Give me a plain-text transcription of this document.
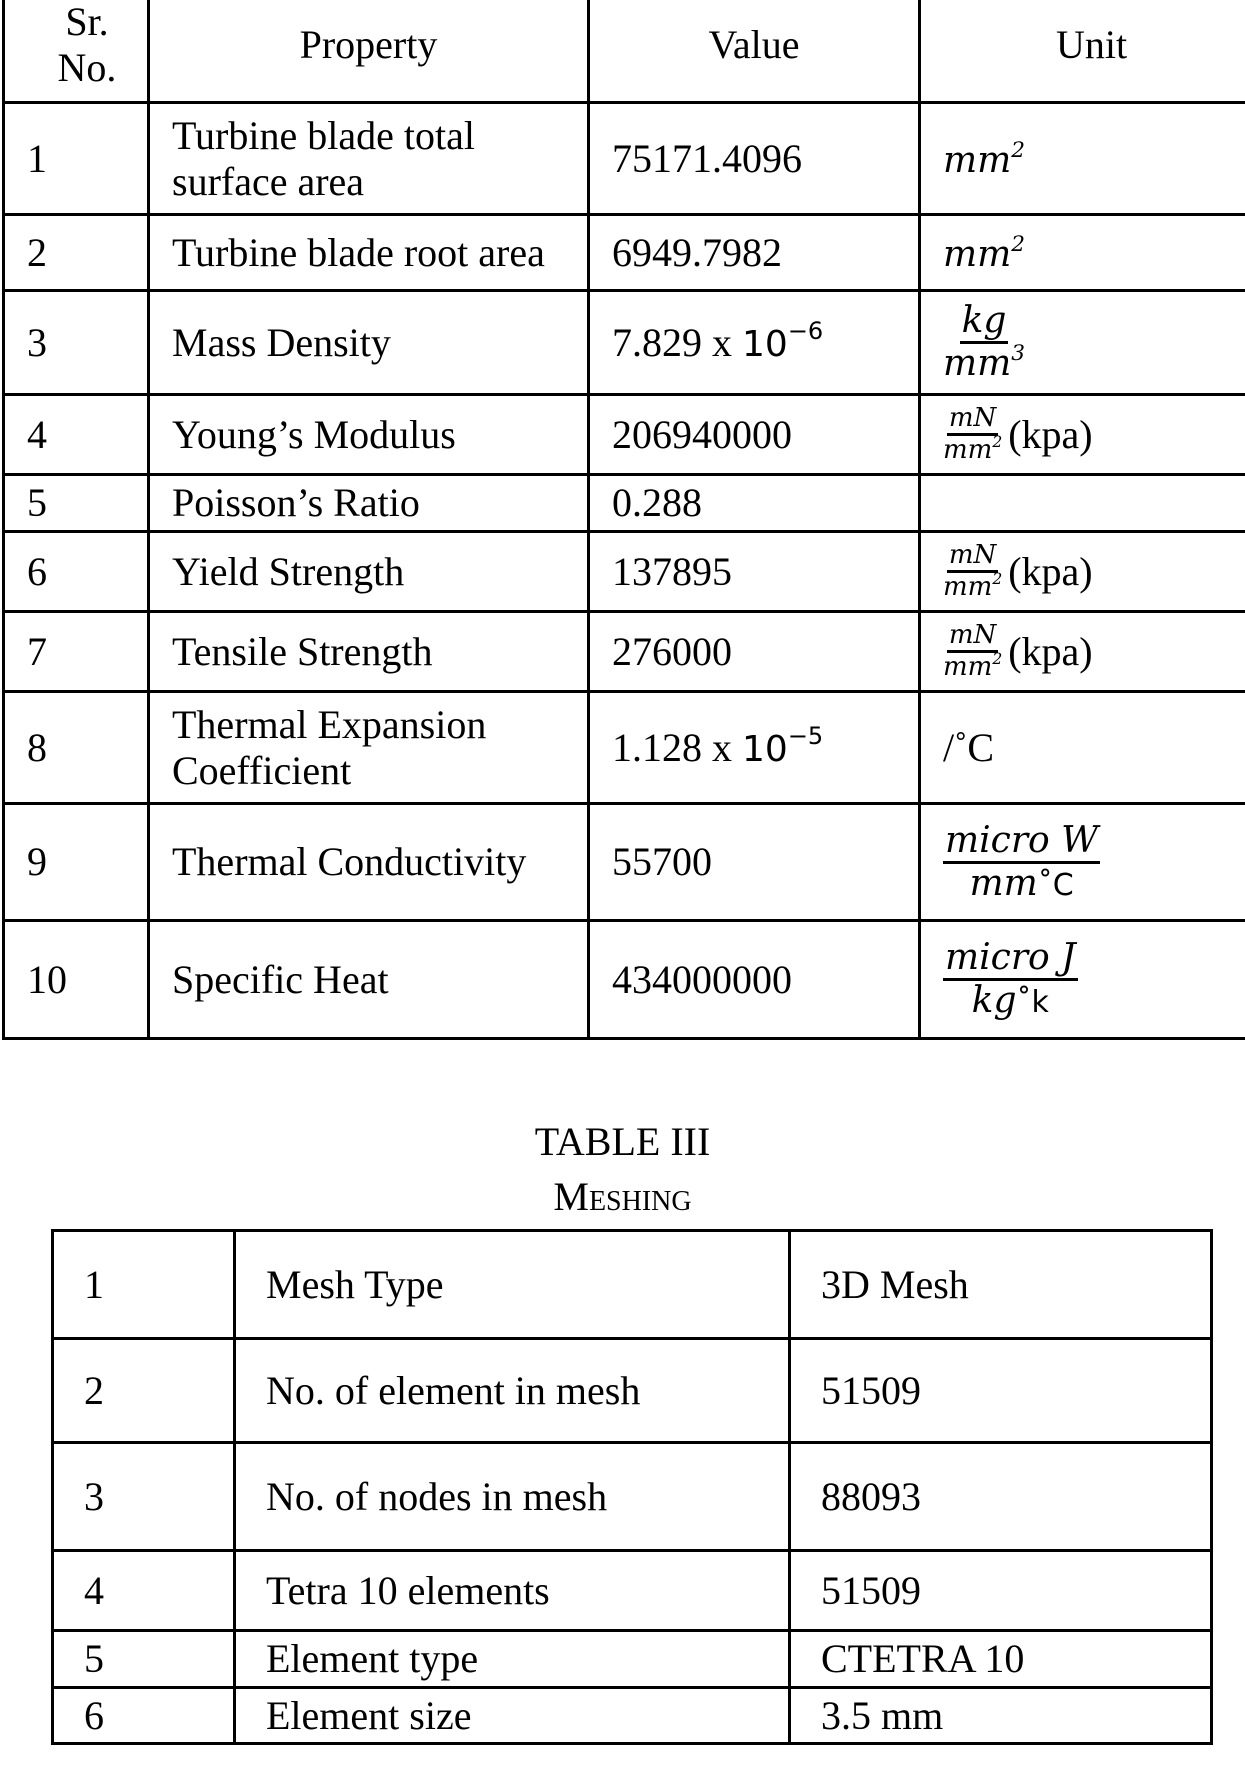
Sr.
No.	Property	Value	Unit
1	Turbine blade total surface area	75171.4096	$mm^2$
2	Turbine blade root area	6949.7982	$mm^2$
3	Mass Density	7.829 x $10^{-6}$	$\frac{kg}{mm^3}$

4	Young’s Modulus	206940000	$\frac{mN}{mm^2} (kpa)$
5	Poisson’s Ratio	0.288	
6	Yield Strength	137895	$\frac{mN}{mm^2} (kpa)$
7	Tensile Strength	276000	$\frac{mN}{mm^2} (kpa)$
8	Thermal Expansion Coefficient	1.128 x $10^{-5}$	/˚C
9	Thermal Conductivity	55700	$\frac{\text{micro W}}{mm˚C}$

10	Specific Heat	434000000	$\frac{\text{micro J}}{kg˚k}$
TABLE III
Meshing
1	Mesh Type	3D Mesh
2	No. of element in mesh	51509
3	No. of nodes in mesh	88093
4	Tetra 10 elements	51509
5	Element type	CTETRA 10
6	Element size	3.5 mm
